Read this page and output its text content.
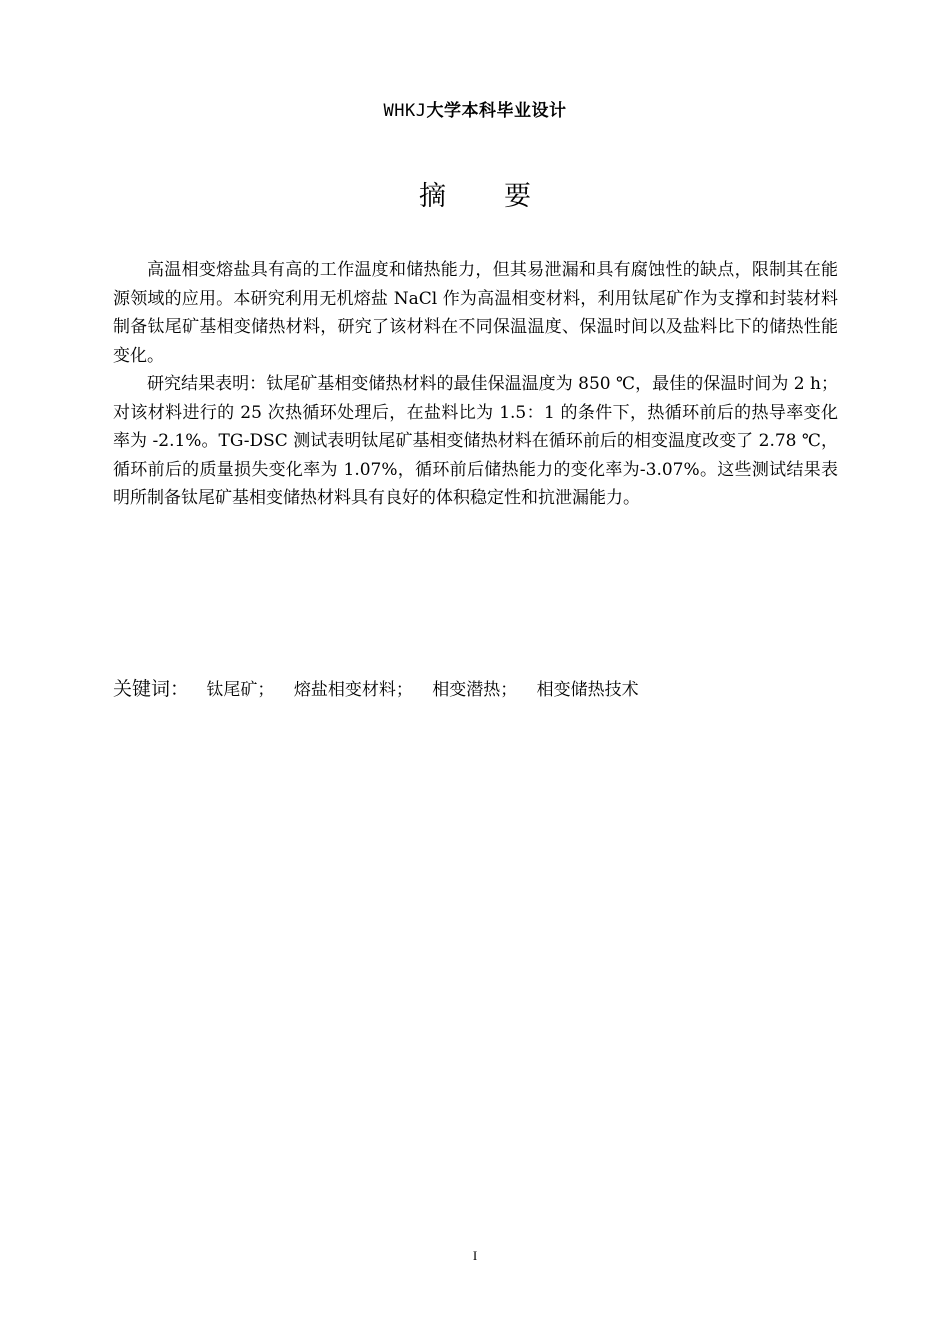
WHKJ大学本科毕业设计
摘 要

高温相变熔盐具有高的工作温度和储热能力，但其易泄漏和具有腐蚀性的缺点，限制其在能源领域的应用。本研究利用无机熔盐 NaCl 作为高温相变材料，利用钛尾矿作为支撑和封装材料制备钛尾矿基相变储热材料，研究了该材料在不同保温温度、保温时间以及盐料比下的储热性能变化。

研究结果表明：钛尾矿基相变储热材料的最佳保温温度为 850 ℃，最佳的保温时间为 2 h；对该材料进行的 25 次热循环处理后，在盐料比为 1.5：1 的条件下，热循环前后的热导率变化率为 -2.1%。TG-DSC 测试表明钛尾矿基相变储热材料在循环前后的相变温度改变了 2.78 ℃，循环前后的质量损失变化率为 1.07%，循环前后储热能力的变化率为-3.07%。这些测试结果表明所制备钛尾矿基相变储热材料具有良好的体积稳定性和抗泄漏能力。

关键词： 钛尾矿； 熔盐相变材料； 相变潜热； 相变储热技术
I
